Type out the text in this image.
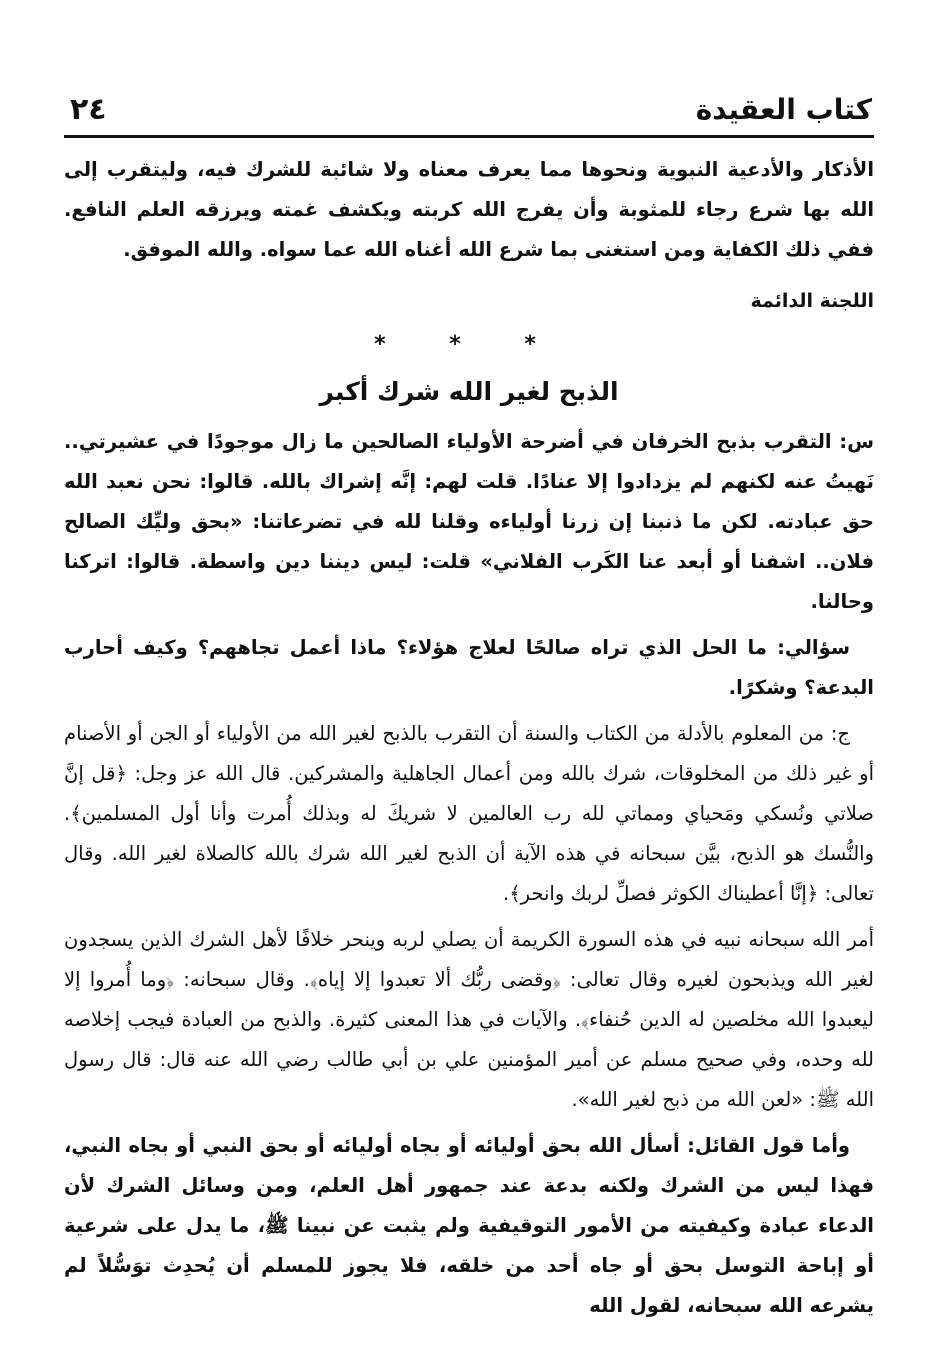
٢٤	كتاب العقيدة

الأذكار والأدعية النبوية ونحوها مما يعرف معناه ولا شائبة للشرك فيه، وليتقرب إلى الله بها شرع رجاء للمثوبة وأن يفرج الله كربته ويكشف غمته ويرزقه العلم النافع. ففي ذلك الكفاية ومن استغنى بما شرع الله أغناه الله عما سواه. والله الموفق.

اللجنة الدائمة
* * *
الذبح لغير الله شرك أكبر

س: التقرب بذبح الخرفان في أضرحة الأولياء الصالحين ما زال موجودًا في عشيرتي.. نَهيتُ عنه لكنهم لم يزدادوا إلا عنادًا. قلت لهم: إنَّه إشراك بالله. قالوا: نحن نعبد الله حق عبادته. لكن ما ذنبنا إن زرنا أولياءه وقلنا لله في تضرعاتنا: «بحق وليِّك الصالح فلان.. اشفنا أو أبعد عنا الكَرب الفلاني» قلت: ليس ديننا دين واسطة. قالوا: اتركنا وحالنا.

سؤالي: ما الحل الذي تراه صالحًا لعلاج هؤلاء؟ ماذا أعمل تجاههم؟ وكيف أحارب البدعة؟ وشكرًا.

ج: من المعلوم بالأدلة من الكتاب والسنة أن التقرب بالذبح لغير الله من الأولياء أو الجن أو الأصنام أو غير ذلك من المخلوقات، شرك بالله ومن أعمال الجاهلية والمشركين. قال الله عز وجل: ﴿قل إنَّ صلاتي ونُسكي ومَحياي ومماتي لله رب العالمين لا شريكَ له وبذلك أُمرت وأنا أول المسلمين﴾. والنُّسك هو الذبح، بيَّن سبحانه في هذه الآية أن الذبح لغير الله شرك بالله كالصلاة لغير الله. وقال تعالى: ﴿إنَّا أعطيناك الكوثر فصلِّ لربك وانحر﴾.

أمر الله سبحانه نبيه في هذه السورة الكريمة أن يصلي لربه وينحر خلافًا لأهل الشرك الذين يسجدون لغير الله ويذبحون لغيره وقال تعالى: ﴿وقضى ربُّك ألا تعبدوا إلا إياه﴾. وقال سبحانه: ﴿وما أُمروا إلا ليعبدوا الله مخلصين له الدين حُنفاء﴾. والآيات في هذا المعنى كثيرة. والذبح من العبادة فيجب إخلاصه لله وحده، وفي صحيح مسلم عن أمير المؤمنين علي بن أبي طالب رضي الله عنه قال: قال رسول الله ﷺ: «لعن الله من ذبح لغير الله».

وأما قول القائل: أسأل الله بحق أوليائه أو بجاه أوليائه أو بحق النبي أو بجاه النبي، فهذا ليس من الشرك ولكنه بدعة عند جمهور أهل العلم، ومن وسائل الشرك لأن الدعاء عبادة وكيفيته من الأمور التوقيفية ولم يثبت عن نبينا ﷺ، ما يدل على شرعية أو إباحة التوسل بحق أو جاه أحد من خلقه، فلا يجوز للمسلم أن يُحدِث توَسُّلاً لم يشرعه الله سبحانه، لقول الله
